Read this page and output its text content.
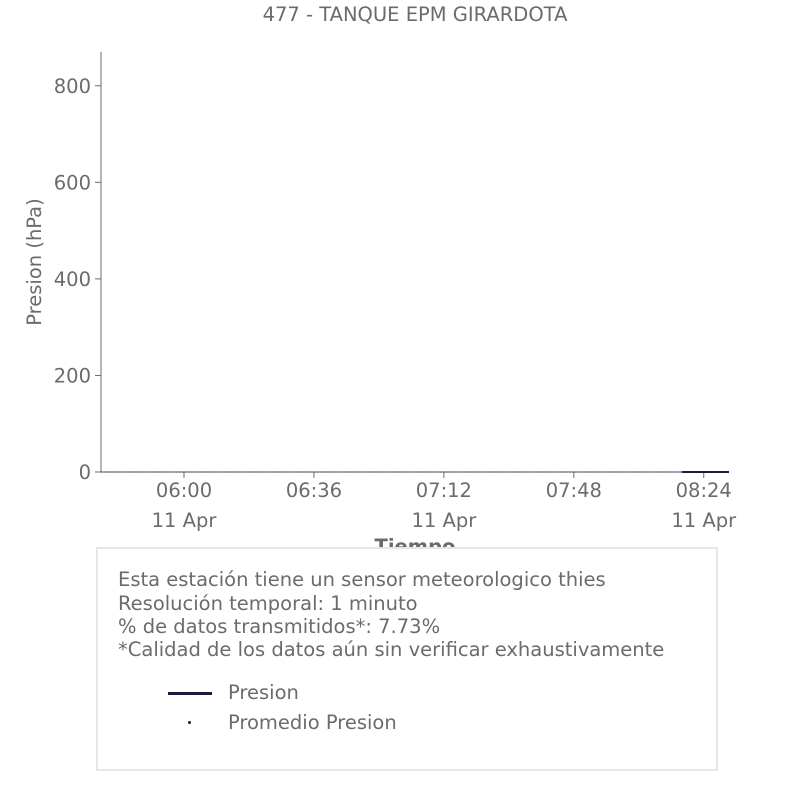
477 - TANQUE EPM GIRARDOTA
Presion (hPa)
0
200
400
600
800
06:00
11 Apr
06:36	07:12
11 Apr
07:48	08:24
11 Apr
Esta estación tiene un sensor meteorologico thies
Resolución temporal: 1 minuto
% de datos transmitidos*: 7.73%
*Calidad de los datos aún sin verificar exhaustivamente
Presion
Promedio Presion
